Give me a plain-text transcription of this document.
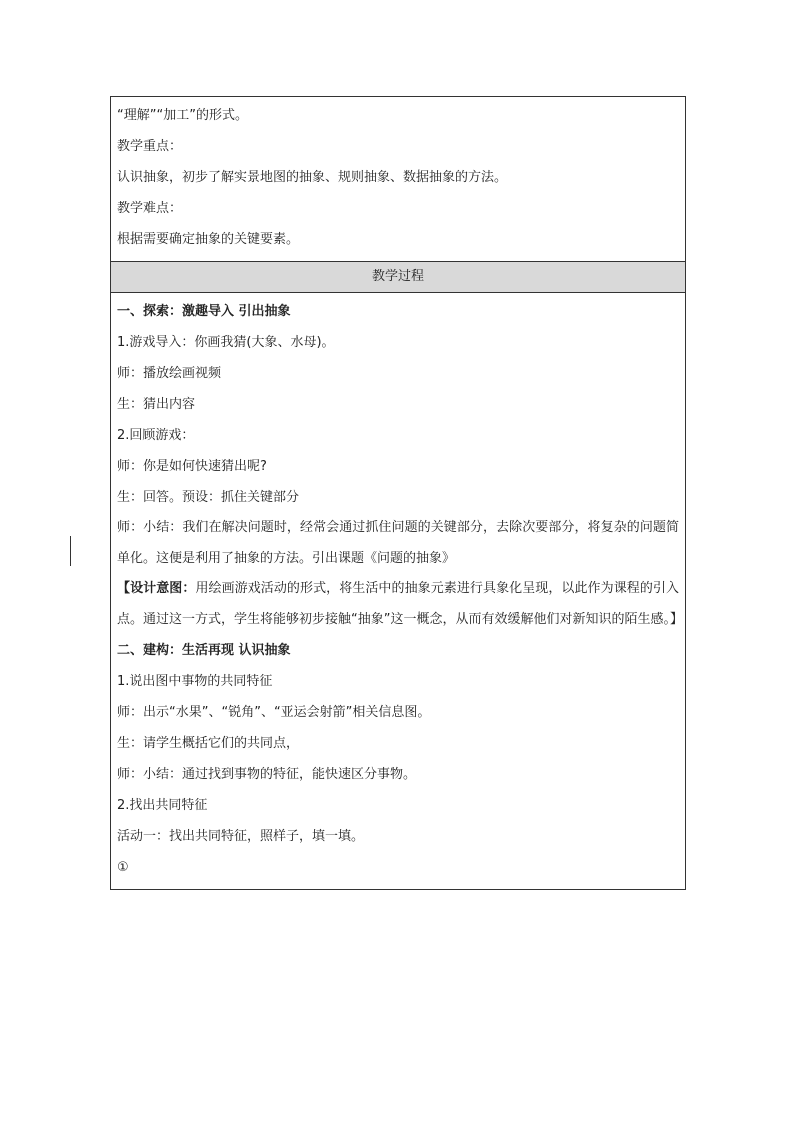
“理解”“加工”的形式。
教学重点：
认识抽象，初步了解实景地图的抽象、规则抽象、数据抽象的方法。
教学难点：
根据需要确定抽象的关键要素。
教学过程
一、探索：激趣导入 引出抽象
1.游戏导入：你画我猜(大象、水母)。
师：播放绘画视频
生：猜出内容
2.回顾游戏：
师：你是如何快速猜出呢?
生：回答。预设：抓住关键部分
师：小结：我们在解决问题时，经常会通过抓住问题的关键部分，去除次要部分，将复杂的问题简单化。这便是利用了抽象的方法。引出课题《问题的抽象》
【设计意图：用绘画游戏活动的形式，将生活中的抽象元素进行具象化呈现，以此作为课程的引入点。通过这一方式，学生将能够初步接触“抽象”这一概念，从而有效缓解他们对新知识的陌生感。】
二、建构：生活再现 认识抽象
1.说出图中事物的共同特征
师：出示“水果”、“锐角”、“亚运会射箭”相关信息图。
生：请学生概括它们的共同点，
师：小结：通过找到事物的特征，能快速区分事物。
2.找出共同特征
活动一：找出共同特征，照样子，填一填。
①
